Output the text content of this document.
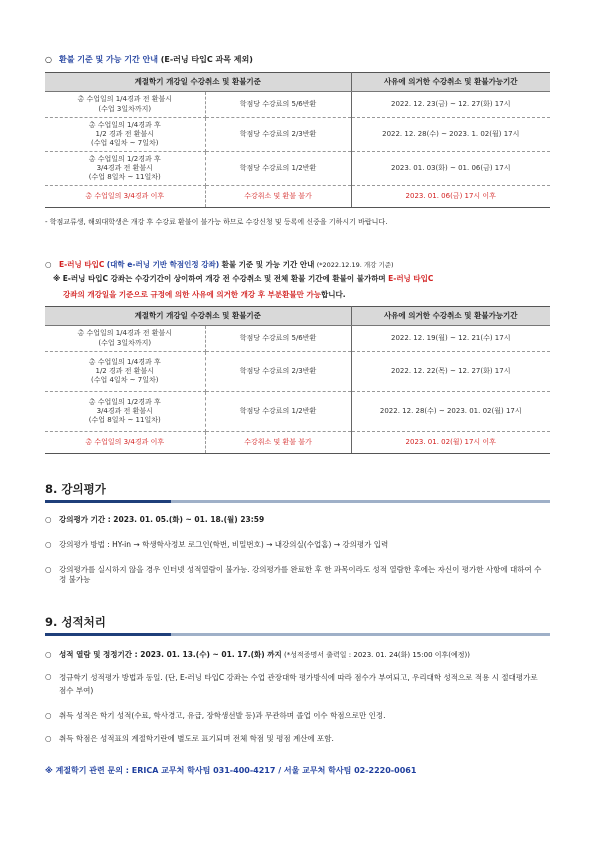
○ 환불 기준 및 가능 기간 안내 (E-러닝 타입C 과목 제외)
계절학기 개강일 수강취소 및 환불기준		사유에 의거한 수강취소 및 환불가능기간
총 수업일의 1/4경과 전 환불시
(수업 3일차까지)	학점당 수강료의 5/6반환	2022. 12. 23(금) ~ 12. 27(화) 17시
총 수업일의 1/4경과 후
1/2 경과 전 환불시
(수업 4일차 ~ 7일차)	학점당 수강료의 2/3반환	2022. 12. 28(수) ~ 2023. 1. 02(월) 17시
총 수업일의 1/2경과 후
3/4경과 전 환불시
(수업 8일차 ~ 11일차)	학점당 수강료의 1/2반환	2023. 01. 03(화) ~ 01. 06(금) 17시
총 수업일의 3/4경과 이후	수강취소 및 환불 불가	2023. 01. 06(금) 17시 이후
- 학점교류생, 해외대학생은 개강 후 수강료 환불이 불가능 하므로 수강신청 및 등록에 신중을 기하시기 바랍니다.
○ E-러닝 타입C (대학 e-러닝 기반 학점인정 강좌) 환불 기준 및 가능 기간 안내 (*2022.12.19. 개강 기준)
※ E-러닝 타입C 강좌는 수강기간이 상이하여 개강 전 수강취소 및 전체 환불 기간에 환불이 불가하며 E-러닝 타입C
강좌의 개강일을 기준으로 규정에 의한 사유에 의거한 개강 후 부분환불만 가능합니다.
계절학기 개강일 수강취소 및 환불기준		사유에 의거한 수강취소 및 환불가능기간
총 수업일의 1/4경과 전 환불시
(수업 3일차까지)	학점당 수강료의 5/6반환	2022. 12. 19(월) ~ 12. 21(수) 17시
총 수업일의 1/4경과 후
1/2 경과 전 환불시
(수업 4일차 ~ 7일차)	학점당 수강료의 2/3반환	2022. 12. 22(목) ~ 12. 27(화) 17시
총 수업일의 1/2경과 후
3/4경과 전 환불시
(수업 8일차 ~ 11일차)	학점당 수강료의 1/2반환	2022. 12. 28(수) ~ 2023. 01. 02(월) 17시
총 수업일의 3/4경과 이후	수강취소 및 환불 불가	2023. 01. 02(월) 17시 이후
8. 강의평가
○ 강의평가 기간 : 2023. 01. 05.(화) ~ 01. 18.(월) 23:59
○ 강의평가 방법 : HY-in → 학생학사정보 로그인(학번, 비밀번호) → 내강의실(수업홈) → 강의평가 입력
○ 강의평가를 실시하지 않을 경우 인터넷 성적열람이 불가능. 강의평가를 완료한 후 한 과목이라도 성적 열람한 후에는 자신이 평가한 사항에 대하여 수정 불가능
9. 성적처리
○ 성적 열람 및 정정기간 : 2023. 01. 13.(수) ~ 01. 17.(화) 까지 (*성적증명서 출력일 : 2023. 01. 24(화) 15:00 이후(예정))
○ 정규학기 성적평가 방법과 동일. (단, E-러닝 타입C 강좌는 수업 관장대학 평가방식에 따라 점수가 부여되고, 우리대학 성적으로 적용 시 절대평가로 점수 부여)
○ 취득 성적은 학기 성적(수료, 학사경고, 유급, 장학생선발 등)과 무관하며 졸업 이수 학점으로만 인정.
○ 취득 학점은 성적표의 계절학기란에 별도로 표기되며 전체 학점 및 평점 계산에 포함.
※ 계절학기 관련 문의 : ERICA 교무처 학사팀 031-400-4217 / 서울 교무처 학사팀 02-2220-0061
